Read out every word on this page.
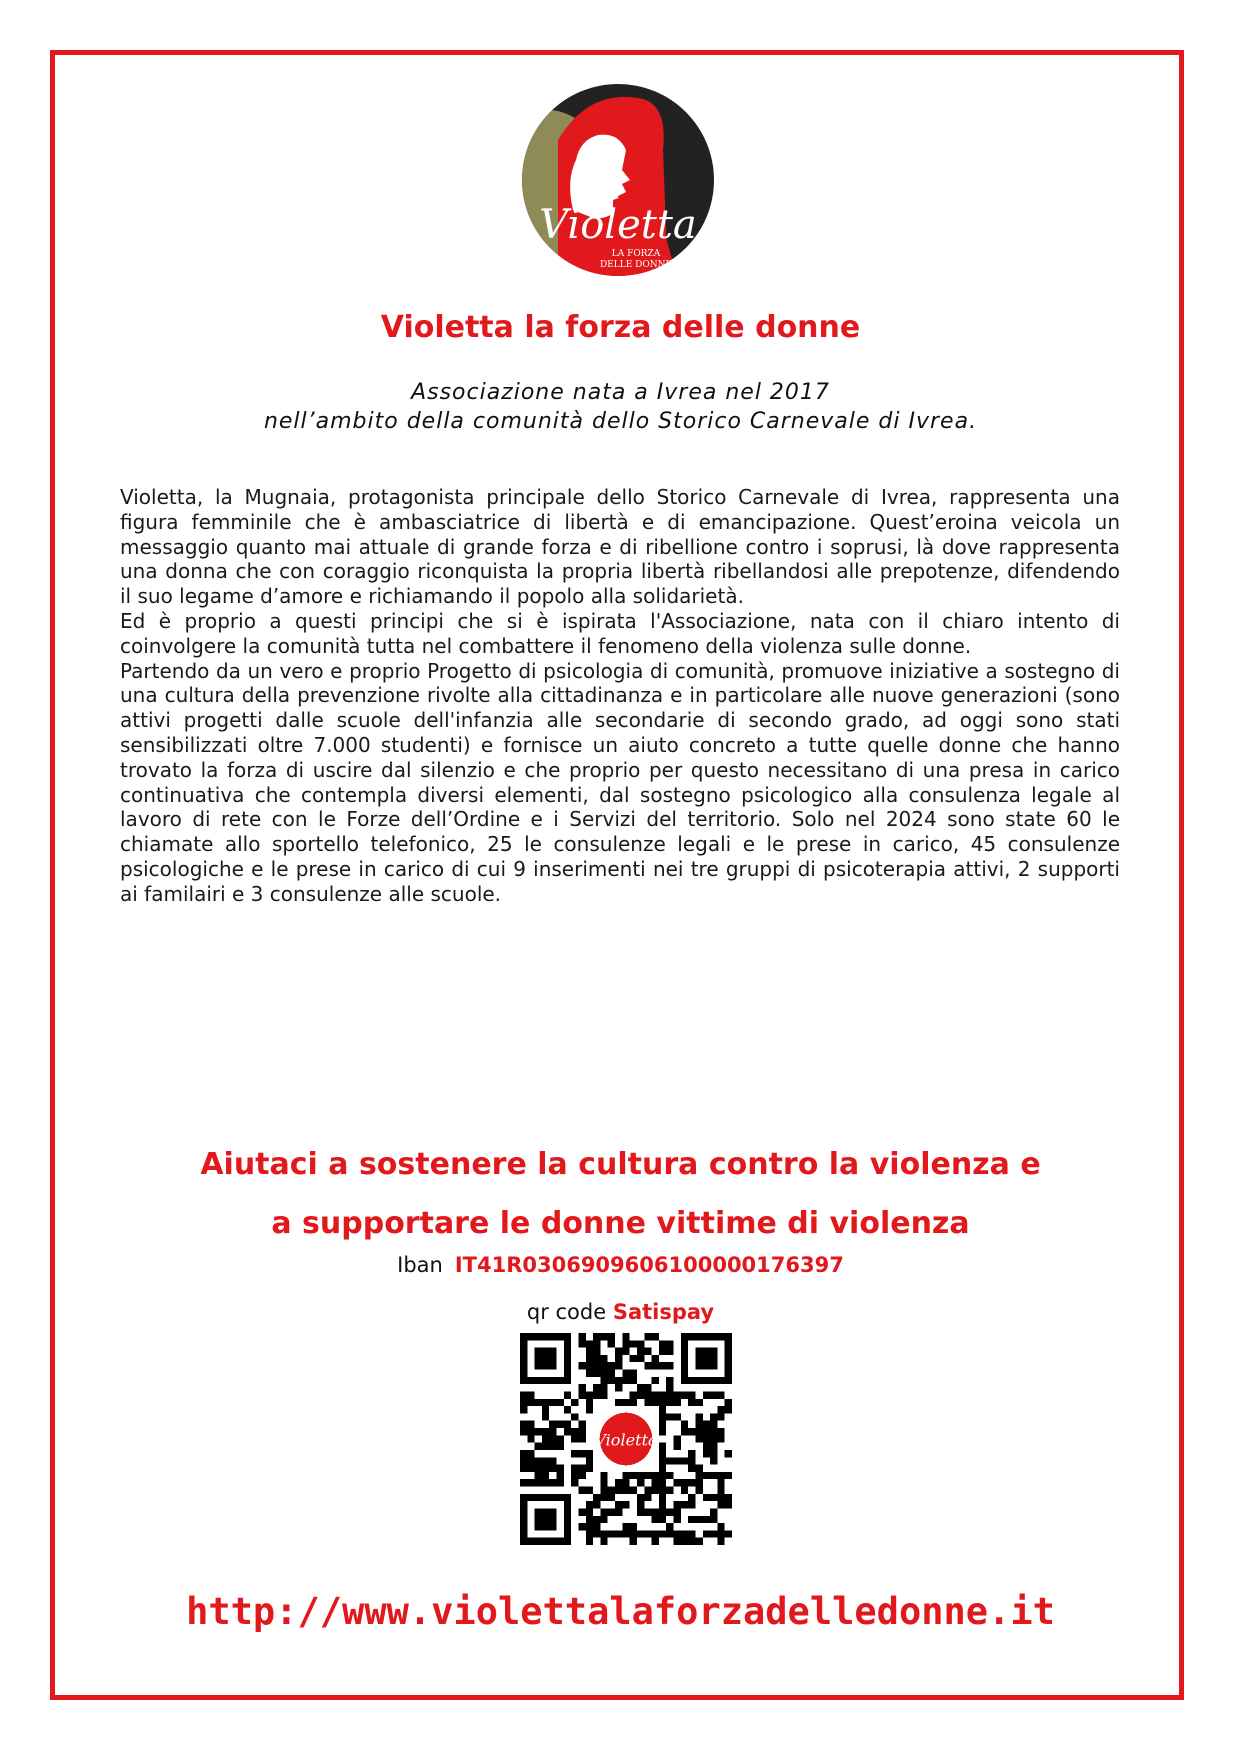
Violetta
LA FORZA
DELLE DONNE
Violetta la forza delle donne
Associazione nata a Ivrea nel 2017
nell’ambito della comunità dello Storico Carnevale di Ivrea.

Violetta, la Mugnaia, protagonista principale dello Storico Carnevale di Ivrea, rappresenta una figura femminile che è ambasciatrice di libertà e di emancipazione. Quest’eroina veicola un messaggio quanto mai attuale di grande forza e di ribellione contro i soprusi, là dove rappresenta una donna che con coraggio riconquista la propria libertà ribellandosi alle prepotenze, difendendo il suo legame d’amore e richiamando il popolo alla solidarietà.

Ed è proprio a questi principi che si è ispirata l'Associazione, nata con il chiaro intento di coinvolgere la comunità tutta nel combattere il fenomeno della violenza sulle donne.

Partendo da un vero e proprio Progetto di psicologia di comunità, promuove iniziative a sostegno di una cultura della prevenzione rivolte alla cittadinanza e in particolare alle nuove generazioni (sono attivi progetti dalle scuole dell'infanzia alle secondarie di secondo grado, ad oggi sono stati sensibilizzati oltre 7.000 studenti) e fornisce un aiuto concreto a tutte quelle donne che hanno trovato la forza di uscire dal silenzio e che proprio per questo necessitano di una presa in carico continuativa che contempla diversi elementi, dal sostegno psicologico alla consulenza legale al lavoro di rete con le Forze dell’Ordine e i Servizi del territorio. Solo nel 2024 sono state 60 le chiamate allo sportello telefonico, 25 le consulenze legali e le prese in carico, 45 consulenze psicologiche e le prese in carico di cui 9 inserimenti nei tre gruppi di psicoterapia attivi, 2 supporti ai familairi e 3 consulenze alle scuole.

Aiutaci a sostenere la cultura contro la violenza e
a supportare le donne vittime di violenza
Iban IT41R0306909606100000176397
qr code Satispay
Violetta
http://www.violettalaforzadelledonne.it
